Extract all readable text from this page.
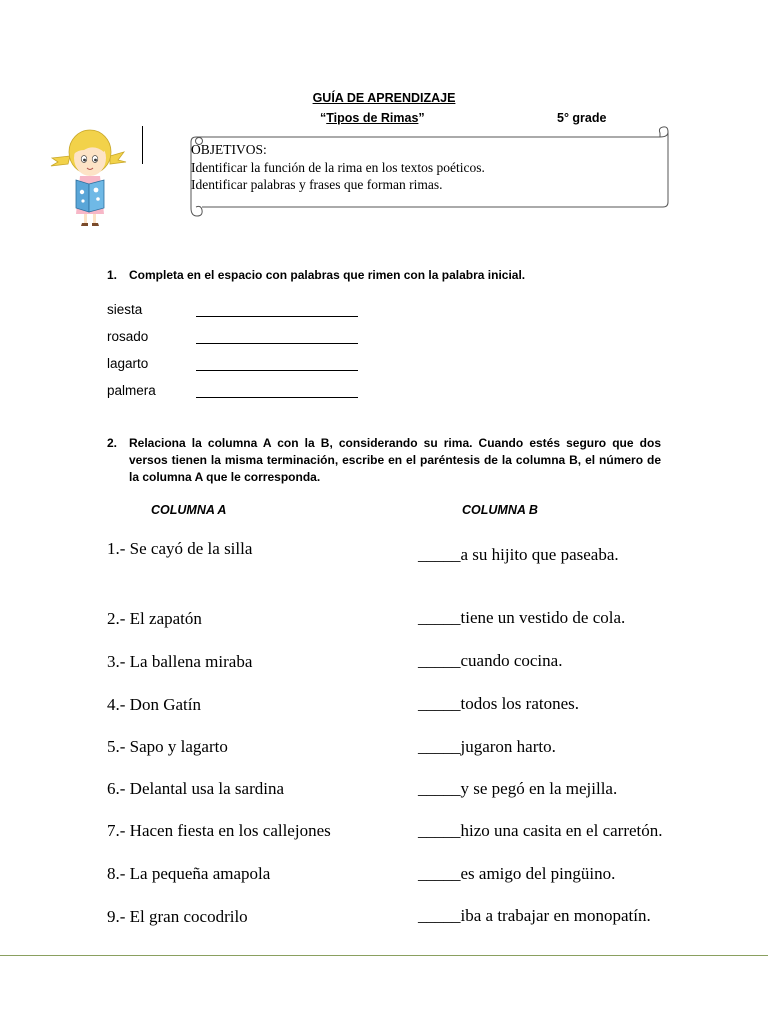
GUÍA DE APRENDIZAJE
“Tipos de Rimas”	5° grade
OBJETIVOS:
Identificar la función de la rima en los textos poéticos.
Identificar palabras y frases que forman rimas.
1. Completa en el espacio con palabras que rimen con la palabra inicial.
siesta
rosado
lagarto
palmera
2. Relaciona la columna A con la B, considerando su rima. Cuando estés seguro que dos versos tienen la misma terminación, escribe en el paréntesis de la columna B, el número de la columna A que le corresponda.
COLUMNA A	COLUMNA B
1.- Se cayó de la silla
2.- El zapatón
3.- La ballena miraba
4.- Don Gatín
5.- Sapo y lagarto
6.- Delantal usa la sardina
7.- Hacen fiesta en los callejones
8.- La pequeña amapola
9.- El gran cocodrilo
_____a su hijito que paseaba.
_____tiene un vestido de cola.
_____cuando cocina.
_____todos los ratones.
_____jugaron harto.
_____y se pegó en la mejilla.
_____hizo una casita en el carretón.
_____es amigo del pingüino.
_____iba a trabajar en monopatín.
